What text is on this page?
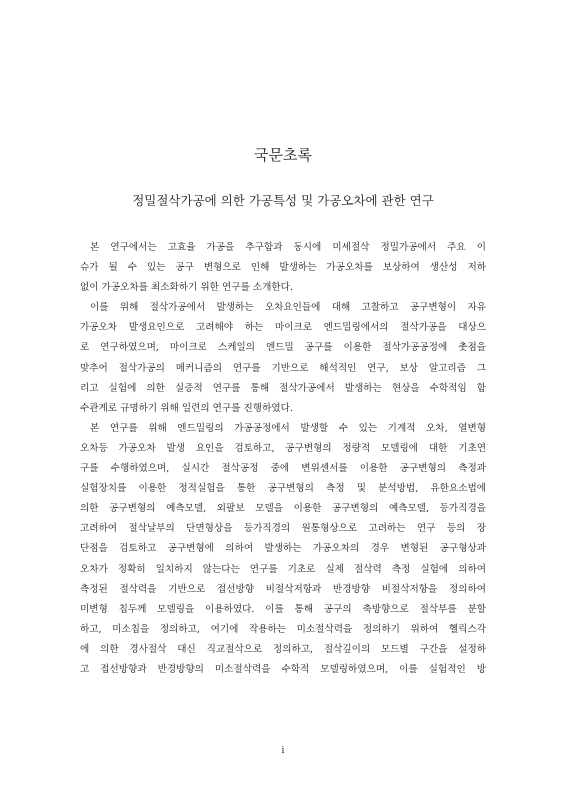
국문초록
정밀절삭가공에 의한 가공특성 및 가공오차에 관한 연구
본 연구에서는 고효율 가공을 추구함과 동시에 미세절삭 정밀가공에서 주요 이
슈가 될 수 있는 공구 변형으로 인해 발생하는 가공오차를 보상하여 생산성 저하
없이 가공오차를 최소화하기 위한 연구를 소개한다.
이를 위해 절삭가공에서 발생하는 오차요인들에 대해 고찰하고 공구변형이 자유
가공오차 발생요인으로 고려해야 하는 마이크로 엔드밀링에서의 절삭가공을 대상으
로 연구하였으며, 마이크로 스케일의 엔드밀 공구를 이용한 절삭가공공정에 촛점을
맞추어 절삭가공의 메커니즘의 연구를 기반으로 해석적인 연구, 보상 알고리즘 그
리고 실험에 의한 실증적 연구를 통해 절삭가공에서 발생하는 현상을 수학적임 함
수관계로 규명하기 위해 일련의 연구를 진행하였다.
본 연구를 위해 엔드밀링의 가공공정에서 발생할 수 있는 기계적 오차, 열변형
오차등 가공오차 발생 요인을 검토하고, 공구변형의 정량적 모델링에 대한 기초연
구를 수행하였으며, 실시간 절삭공정 중에 변위센서를 이용한 공구변형의 측정과
실험장치를 이용한 정적실험을 통한 공구변형의 측정 및 분석방법, 유한요소법에
의한 공구변형의 예측모델, 외팔보 모델을 이용한 공구변형의 예측모델, 등가직경을
고려하여 절삭날부의 단면형상을 등가직경의 원통형상으로 고려하는 연구 등의 장
단점을 검토하고 공구변형에 의하여 발생하는 가공오차의 경우 변형된 공구형상과
오차가 정확히 일치하지 않는다는 연구를 기초로 실제 절삭력 측정 실험에 의하여
측정된 절삭력을 기반으로 접선방향 비절삭저항과 반경방향 비절삭저항을 정의하여
미변형 칩두께 모델링을 이용하였다. 이를 통해 공구의 축방향으로 절삭부를 분할
하고, 미소칩을 정의하고, 여기에 작용하는 미소절삭력을 정의하기 위하여 헬릭스각
에 의한 경사절삭 대신 직교절삭으로 정의하고, 절삭깊이의 모드별 구간을 설정하
고 접선방향과 반경방향의 미소절삭력을 수학적 모델링하였으며, 이를 실험적인 방
i
